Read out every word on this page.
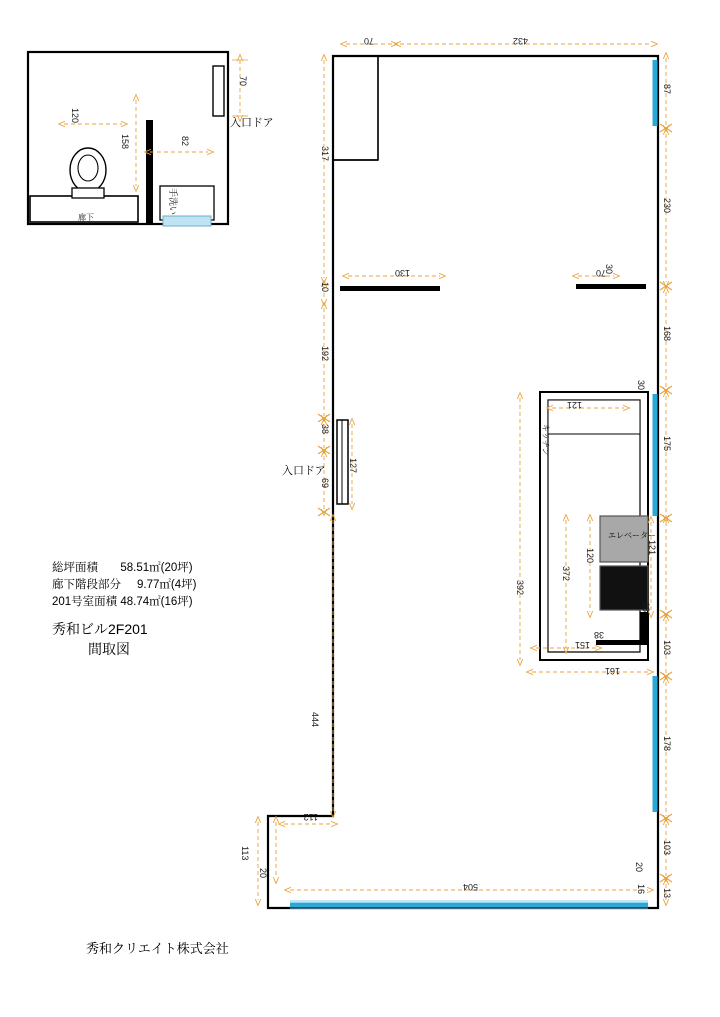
入口ドア
手洗い
廊下
70
120
158	82
70	432
87
230
30
168
30
175
121
103
178
103
20
13
317
10
192
38
69
444
112
113
20
16
130	70
121
120
372
392
151
161
127
18
38
キッチン
504
入口ドア
エレベーター
総坪面積 58.51㎡(20坪)
廊下階段部分 9.77㎡(4坪)
201号室面積 48.74㎡(16坪)
秀和ビル2F201
間取図
秀和クリエイト株式会社
